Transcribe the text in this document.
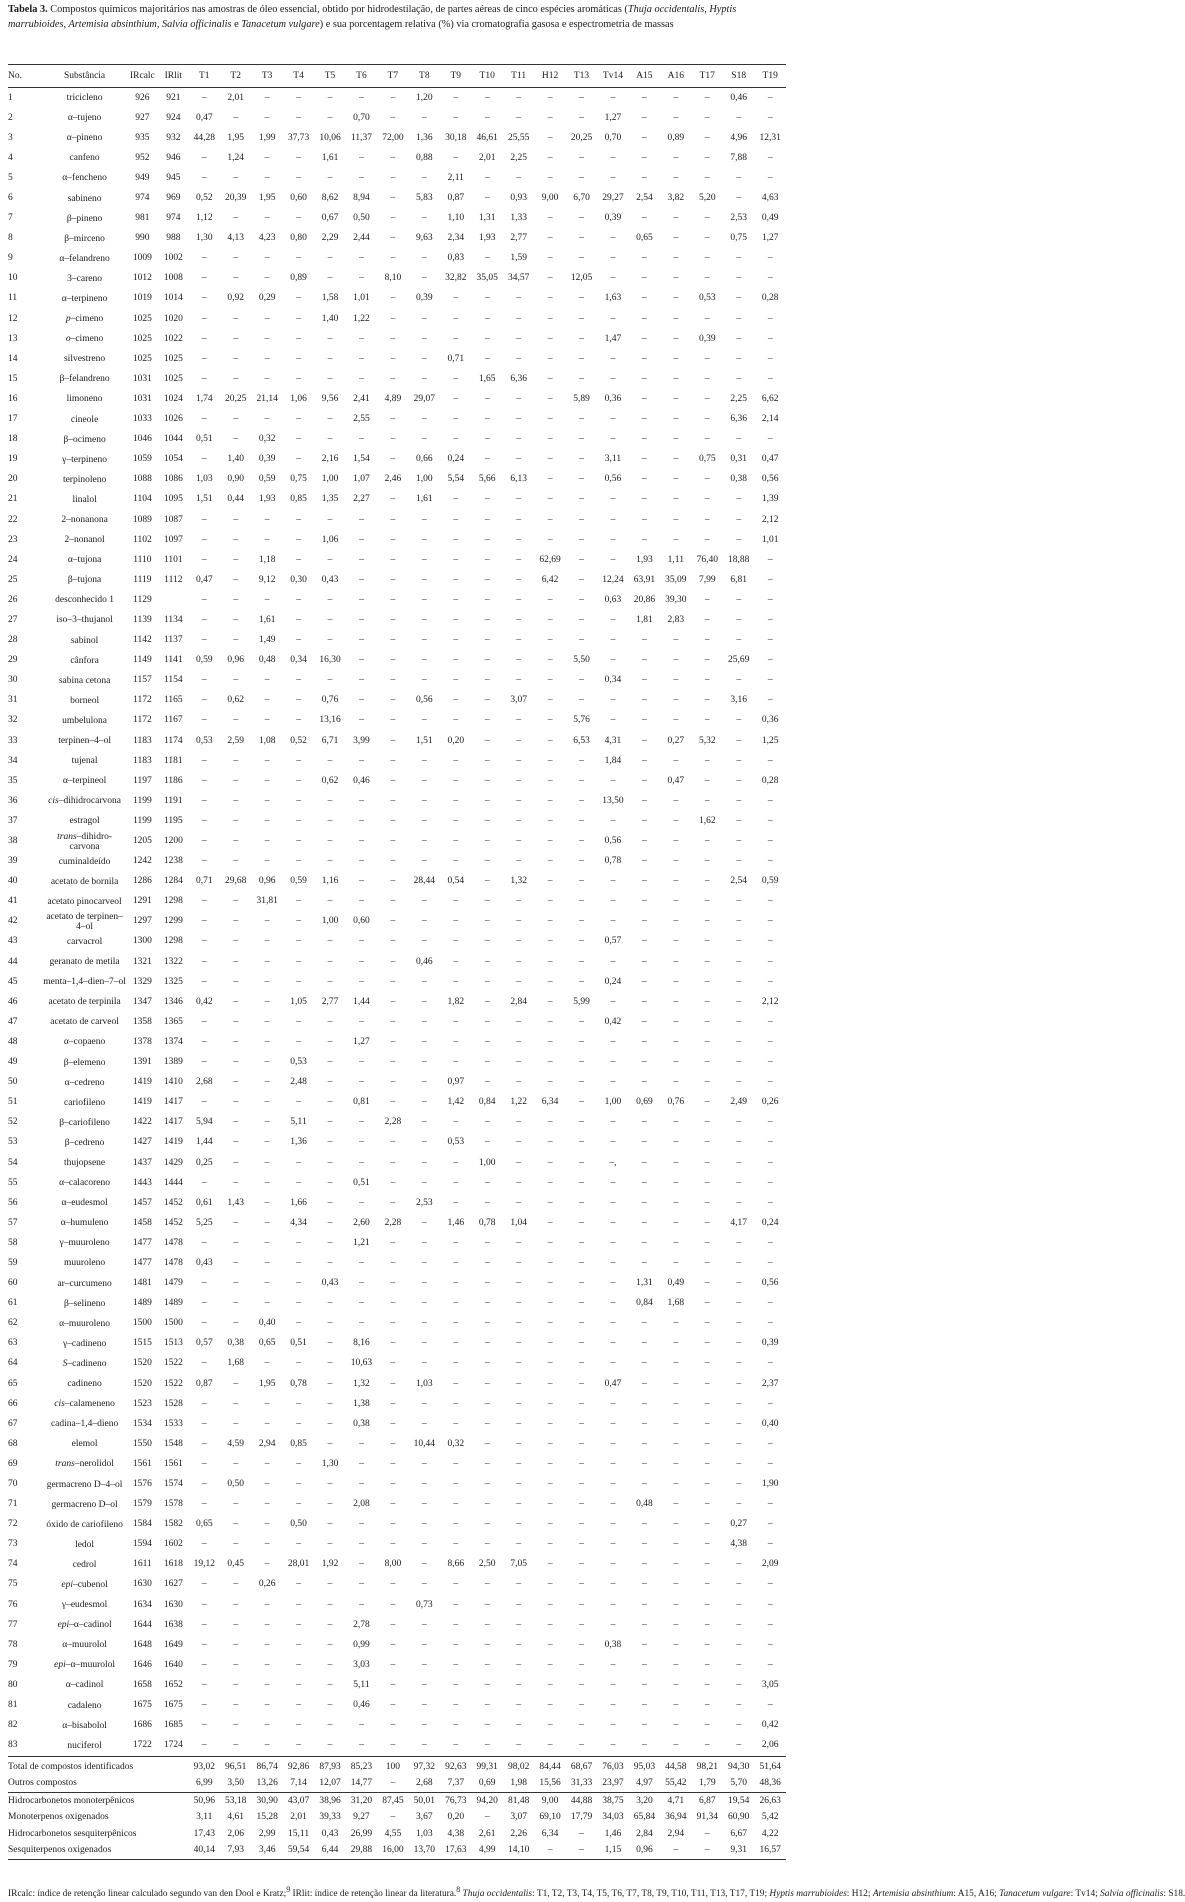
Tabela 3. Compostos químicos majoritários nas amostras de óleo essencial, obtido por hidrodestilação, de partes aéreas de cinco espécies aromáticas (Thuja occidentalis, Hyptis marrubioides, Artemisia absinthium, Salvia officinalis e Tanacetum vulgare) e sua porcentagem relativa (%) via cromatografia gasosa e espectrometria de massas

No.	Substância	IRcalc	IRlit	T1	T2	T3	T4	T5	T6	T7	T8	T9	T10	T11	H12	T13	Tv14	A15	A16	T17	S18	T19
1	tricicleno	926	921	–	2,01	–	–	–	–	–	1,20	–	–	–	–	–	–	–	–	–	0,46	–
2	α–tujeno	927	924	0,47	–	–	–	–	0,70	–	–	–	–	–	–	–	1,27	–	–	–	–	–
3	α–pineno	935	932	44,28	1,95	1,99	37,73	10,06	11,37	72,00	1,36	30,18	46,61	25,55	–	20,25	0,70	–	0,89	–	4,96	12,31
4	canfeno	952	946	–	1,24	–	–	1,61	–	–	0,88	–	2,01	2,25	–	–	–	–	–	–	7,88	–
5	α–fencheno	949	945	–	–	–	–	–	–	–	–	2,11	–	–	–	–	–	–	–	–	–	–
6	sabineno	974	969	0,52	20,39	1,95	0,60	8,62	8,94	–	5,83	0,87	–	0,93	9,00	6,70	29,27	2,54	3,82	5,20	–	4,63
7	β–pineno	981	974	1,12	–	–	–	0,67	0,50	–	–	1,10	1,31	1,33	–	–	0,39	–	–	–	2,53	0,49
8	β–mirceno	990	988	1,30	4,13	4,23	0,80	2,29	2,44	–	9,63	2,34	1,93	2,77	–	–	–	0,65	–	–	0,75	1,27
9	α–felandreno	1009	1002	–	–	–	–	–	–	–	–	0,83	–	1,59	–	–	–	–	–	–	–	–
10	3–careno	1012	1008	–	–	–	0,89	–	–	8,10	–	32,82	35,05	34,57	–	12,05	–	–	–	–	–	–
11	α–terpineno	1019	1014	–	0,92	0,29	–	1,58	1,01	–	0,39	–	–	–	–	–	1,63	–	–	0,53	–	0,28
12	p–cimeno	1025	1020	–	–	–	–	1,40	1,22	–	–	–	–	–	–	–	–	–	–	–	–	–
13	o–cimeno	1025	1022	–	–	–	–	–	–	–	–	–	–	–	–	–	1,47	–	–	0,39	–	–
14	silvestreno	1025	1025	–	–	–	–	–	–	–	–	0,71	–	–	–	–	–	–	–	–	–	–
15	β–felandreno	1031	1025	–	–	–	–	–	–	–	–	–	1,65	6,36	–	–	–	–	–	–	–	–
16	limoneno	1031	1024	1,74	20,25	21,14	1,06	9,56	2,41	4,89	29,07	–	–	–	–	5,89	0,36	–	–	–	2,25	6,62
17	cineole	1033	1026	–	–	–	–	–	2,55	–	–	–	–	–	–	–	–	–	–	–	6,36	2,14
18	β–ocimeno	1046	1044	0,51	–	0,32	–	–	–	–	–	–	–	–	–	–	–	–	–	–	–	–
19	γ–terpineno	1059	1054	–	1,40	0,39	–	2,16	1,54	–	0,66	0,24	–	–	–	–	3,11	–	–	0,75	0,31	0,47
20	terpinoleno	1088	1086	1,03	0,90	0,59	0,75	1,00	1,07	2,46	1,00	5,54	5,66	6,13	–	–	0,56	–	–	–	0,38	0,56
21	linalol	1104	1095	1,51	0,44	1,93	0,85	1,35	2,27	–	1,61	–	–	–	–	–	–	–	–	–	–	1,39
22	2–nonanona	1089	1087	–	–	–	–	–	–	–	–	–	–	–	–	–	–	–	–	–	–	2,12
23	2–nonanol	1102	1097	–	–	–	–	1,06	–	–	–	–	–	–	–	–	–	–	–	–	–	1,01
24	α–tujona	1110	1101	–	–	1,18	–	–	–	–	–	–	–	–	62,69	–	–	1,93	1,11	76,40	18,88	–
25	β–tujona	1119	1112	0,47	–	9,12	0,30	0,43	–	–	–	–	–	–	6,42	–	12,24	63,91	35,09	7,99	6,81	–
26	desconhecido 1	1129		–	–	–	–	–	–	–	–	–	–	–	–	–	0,63	20,86	39,30	–	–	–
27	iso–3–thujanol	1139	1134	–	–	1,61	–	–	–	–	–	–	–	–	–	–	–	1,81	2,83	–	–	–
28	sabinol	1142	1137	–	–	1,49	–	–	–	–	–	–	–	–	–	–	–	–	–	–	–	–
29	cânfora	1149	1141	0,59	0,96	0,48	0,34	16,30	–	–	–	–	–	–	–	5,50	–	–	–	–	25,69	–
30	sabina cetona	1157	1154	–	–	–	–	–	–	–	–	–	–	–	–	–	0,34	–	–	–	–	–
31	borneol	1172	1165	–	0,62	–	–	0,76	–	–	0,56	–	–	3,07	–	–	–	–	–	–	3,16	–
32	umbelulona	1172	1167	–	–	–	–	13,16	–	–	–	–	–	–	–	5,76	–	–	–	–	–	0,36
33	terpinen–4–ol	1183	1174	0,53	2,59	1,08	0,52	6,71	3,99	–	1,51	0,20	–	–	–	6,53	4,31	–	0,27	5,32	–	1,25
34	tujenal	1183	1181	–	–	–	–	–	–	–	–	–	–	–	–	–	1,84	–	–	–	–	–
35	α–terpineol	1197	1186	–	–	–	–	0,62	0,46	–	–	–	–	–	–	–	–	–	0,47	–	–	0,28
36	cis–dihidrocarvona	1199	1191	–	–	–	–	–	–	–	–	–	–	–	–	–	13,50	–	–	–	–	–
37	estragol	1199	1195	–	–	–	–	–	–	–	–	–	–	–	–	–	–	–	–	1,62	–	–
38	trans–dihidro-carvona	1205	1200	–	–	–	–	–	–	–	–	–	–	–	–	–	0,56	–	–	–	–	–
39	cuminaldeído	1242	1238	–	–	–	–	–	–	–	–	–	–	–	–	–	0,78	–	–	–	–	–
40	acetato de bornila	1286	1284	0,71	29,68	0,96	0,59	1,16	–	–	28,44	0,54	–	1,32	–	–	–	–	–	–	2,54	0,59
41	acetato pinocarveol	1291	1298	–	–	31,81	–	–	–	–	–	–	–	–	–	–	–	–	–	–	–	–
42	acetato de terpinen–4–ol	1297	1299	–	–	–	–	1,00	0,60	–	–	–	–	–	–	–	–	–	–	–	–	–
43	carvacrol	1300	1298	–	–	–	–	–	–	–	–	–	–	–	–	–	0,57	–	–	–	–	–
44	geranato de metila	1321	1322	–	–	–	–	–	–	–	0,46	–	–	–	–	–	–	–	–	–	–	–
45	menta–1,4–dien–7–ol	1329	1325	–	–	–	–	–	–	–	–	–	–	–	–	–	0,24	–	–	–	–	–
46	acetato de terpinila	1347	1346	0,42	–	–	1,05	2,77	1,44	–	–	1,82	–	2,84	–	5,99	–	–	–	–	–	2,12
47	acetato de carveol	1358	1365	–	–	–	–	–	–	–	–	–	–	–	–	–	0,42	–	–	–	–	–
48	α–copaeno	1378	1374	–	–	–	–	–	1,27	–	–	–	–	–	–	–	–	–	–	–	–	–
49	β–elemeno	1391	1389	–	–	–	0,53	–	–	–	–	–	–	–	–	–	–	–	–	–	–	–
50	α–cedreno	1419	1410	2,68	–	–	2,48	–	–	–	–	0,97	–	–	–	–	–	–	–	–	–	–
51	cariofileno	1419	1417	–	–	–	–	–	0,81	–	–	1,42	0,84	1,22	6,34	–	1,00	0,69	0,76	–	2,49	0,26
52	β–cariofileno	1422	1417	5,94	–	–	5,11	–	–	2,28	–	–	–	–	–	–	–	–	–	–	–	–
53	β–cedreno	1427	1419	1,44	–	–	1,36	–	–	–	–	0,53	–	–	–	–	–	–	–	–	–	–
54	thujopsene	1437	1429	0,25	–	–	–	–	–	–	–	–	1,00	–	–	–	–,	–	–	–	–	–
55	α–calacoreno	1443	1444	–	–	–	–	–	0,51	–	–	–	–	–	–	–	–	–	–	–	–	–
56	α–eudesmol	1457	1452	0,61	1,43	–	1,66	–	–	–	2,53	–	–	–	–	–	–	–	–	–	–	–
57	α–humuleno	1458	1452	5,25	–	–	4,34	–	2,60	2,28	–	1,46	0,78	1,04	–	–	–	–	–	–	4,17	0,24
58	γ–muuroleno	1477	1478	–	–	–	–	–	1,21	–	–	–	–	–	–	–	–	–	–	–	–	–
59	muuroleno	1477	1478	0,43	–	–	–	–	–	–	–	–	–	–	–	–	–	–	–	–	–	–
60	ar–curcumeno	1481	1479	–	–	–	–	0,43	–	–	–	–	–	–	–	–	–	1,31	0,49	–	–	0,56
61	β–selineno	1489	1489	–	–	–	–	–	–	–	–	–	–	–	–	–	–	0,84	1,68	–	–	–
62	α–muuroleno	1500	1500	–	–	0,40	–	–	–	–	–	–	–	–	–	–	–	–	–	–	–	–
63	γ–cadineno	1515	1513	0,57	0,38	0,65	0,51	–	8,16	–	–	–	–	–	–	–	–	–	–	–	–	0,39
64	S–cadineno	1520	1522	–	1,68	–	–	–	10,63	–	–	–	–	–	–	–	–	–	–	–	–	–
65	cadineno	1520	1522	0,87	–	1,95	0,78	–	1,32	–	1,03	–	–	–	–	–	0,47	–	–	–	–	2,37
66	cis–calameneno	1523	1528	–	–	–	–	–	1,38	–	–	–	–	–	–	–	–	–	–	–	–	–
67	cadina–1,4–dieno	1534	1533	–	–	–	–	–	0,38	–	–	–	–	–	–	–	–	–	–	–	–	0,40
68	elemol	1550	1548	–	4,59	2,94	0,85	–	–	–	10,44	0,32	–	–	–	–	–	–	–	–	–	–
69	trans–nerolidol	1561	1561	–	–	–	–	1,30	–	–	–	–	–	–	–	–	–	–	–	–	–	–
70	germacreno D–4–ol	1576	1574	–	0,50	–	–	–	–	–	–	–	–	–	–	–	–	–	–	–	–	1,90
71	germacreno D–ol	1579	1578	–	–	–	–	–	2,08	–	–	–	–	–	–	–	–	0,48	–	–	–	–
72	óxido de cariofileno	1584	1582	0,65	–	–	0,50	–	–	–	–	–	–	–	–	–	–	–	–	–	0,27	–
73	ledol	1594	1602	–	–	–	–	–	–	–	–	–	–	–	–	–	–	–	–	–	4,38	–
74	cedrol	1611	1618	19,12	0,45	–	28,01	1,92	–	8,00	–	8,66	2,50	7,05	–	–	–	–	–	–	–	2,09
75	epi–cubenol	1630	1627	–	–	0,26	–	–	–	–	–	–	–	–	–	–	–	–	–	–	–	–
76	γ–eudesmol	1634	1630	–	–	–	–	–	–	–	0,73	–	–	–	–	–	–	–	–	–	–	–
77	epi–α–cadinol	1644	1638	–	–	–	–	–	2,78	–	–	–	–	–	–	–	–	–	–	–	–	–
78	α–muurolol	1648	1649	–	–	–	–	–	0,99	–	–	–	–	–	–	–	0,38	–	–	–	–	–
79	epi–α–muurolol	1646	1640	–	–	–	–	–	3,03	–	–	–	–	–	–	–	–	–	–	–	–	–
80	α–cadinol	1658	1652	–	–	–	–	–	5,11	–	–	–	–	–	–	–	–	–	–	–	–	3,05
81	cadaleno	1675	1675	–	–	–	–	–	0,46	–	–	–	–	–	–	–	–	–	–	–	–	–
82	α–bisabolol	1686	1685	–	–	–	–	–	–	–	–	–	–	–	–	–	–	–	–	–	–	0,42
83	nuciferol	1722	1724	–	–	–	–	–	–	–	–	–	–	–	–	–	–	–	–	–	–	2,06
Total de compostos identificados				93,02	96,51	86,74	92,86	87,93	85,23	100	97,32	92,63	99,31	98,02	84,44	68,67	76,03	95,03	44,58	98,21	94,30	51,64
Outros compostos				6,99	3,50	13,26	7,14	12,07	14,77	–	2,68	7,37	0,69	1,98	15,56	31,33	23,97	4,97	55,42	1,79	5,70	48,36
Hidrocarbonetos monoterpênicos				50,96	53,18	30,90	43,07	38,96	31,20	87,45	50,01	76,73	94,20	81,48	9,00	44,88	38,75	3,20	4,71	6,87	19,54	26,63
Monoterpenos oxigenados				3,11	4,61	15,28	2,01	39,33	9,27	–	3,67	0,20	–	3,07	69,10	17,79	34,03	65,84	36,94	91,34	60,90	5,42
Hidrocarbonetos sesquiterpênicos				17,43	2,06	2,99	15,11	0,43	26,99	4,55	1,03	4,38	2,61	2,26	6,34	–	1,46	2,84	2,94	–	6,67	4,22
Sesquiterpenos oxigenados				40,14	7,93	3,46	59,54	6,44	29,88	16,00	13,70	17,63	4,99	14,10	–	–	1,15	0,96	–	–	9,31	16,57
IRcalc: índice de retenção linear calculado segundo van den Dool e Kratz;$^9$ IRlit: índice de retenção linear da literatura.$^8$ Thuja occidentalis: T1, T2, T3, T4, T5, T6, T7, T8, T9, T10, T11, T13, T17, T19; Hyptis marrubioides: H12; Artemisia absinthium: A15, A16; Tanacetum vulgare: Tv14; Salvia officinalis: S18.
